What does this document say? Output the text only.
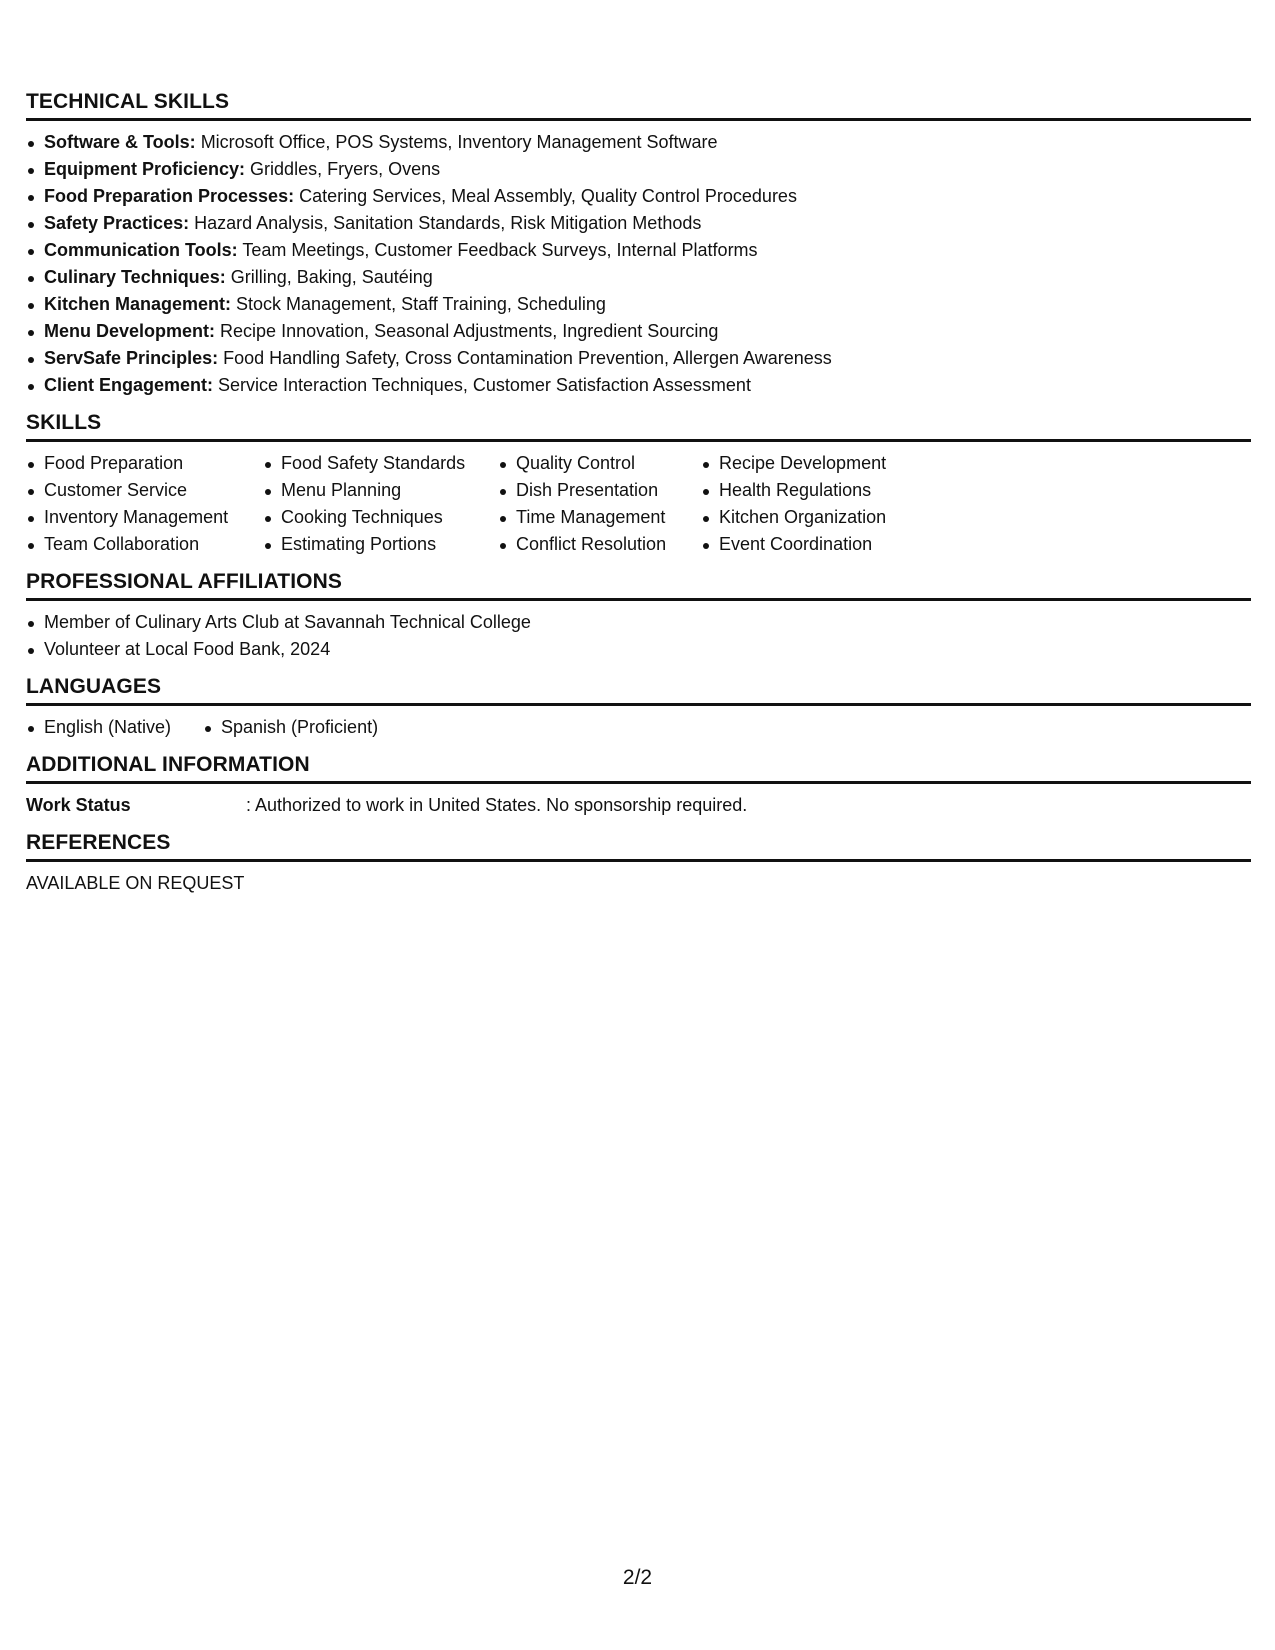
TECHNICAL SKILLS
Software & Tools: Microsoft Office, POS Systems, Inventory Management Software
Equipment Proficiency: Griddles, Fryers, Ovens
Food Preparation Processes: Catering Services, Meal Assembly, Quality Control Procedures
Safety Practices: Hazard Analysis, Sanitation Standards, Risk Mitigation Methods
Communication Tools: Team Meetings, Customer Feedback Surveys, Internal Platforms
Culinary Techniques: Grilling, Baking, Sautéing
Kitchen Management: Stock Management, Staff Training, Scheduling
Menu Development: Recipe Innovation, Seasonal Adjustments, Ingredient Sourcing
ServSafe Principles: Food Handling Safety, Cross Contamination Prevention, Allergen Awareness
Client Engagement: Service Interaction Techniques, Customer Satisfaction Assessment
SKILLS
Food Preparation
Customer Service
Inventory Management
Team Collaboration
Food Safety Standards
Menu Planning
Cooking Techniques
Estimating Portions
Quality Control
Dish Presentation
Time Management
Conflict Resolution
Recipe Development
Health Regulations
Kitchen Organization
Event Coordination
PROFESSIONAL AFFILIATIONS
Member of Culinary Arts Club at Savannah Technical College
Volunteer at Local Food Bank, 2024
LANGUAGES
English (Native)	Spanish (Proficient)
ADDITIONAL INFORMATION
Work Status	: Authorized to work in United States. No sponsorship required.
REFERENCES
AVAILABLE ON REQUEST
2/2
